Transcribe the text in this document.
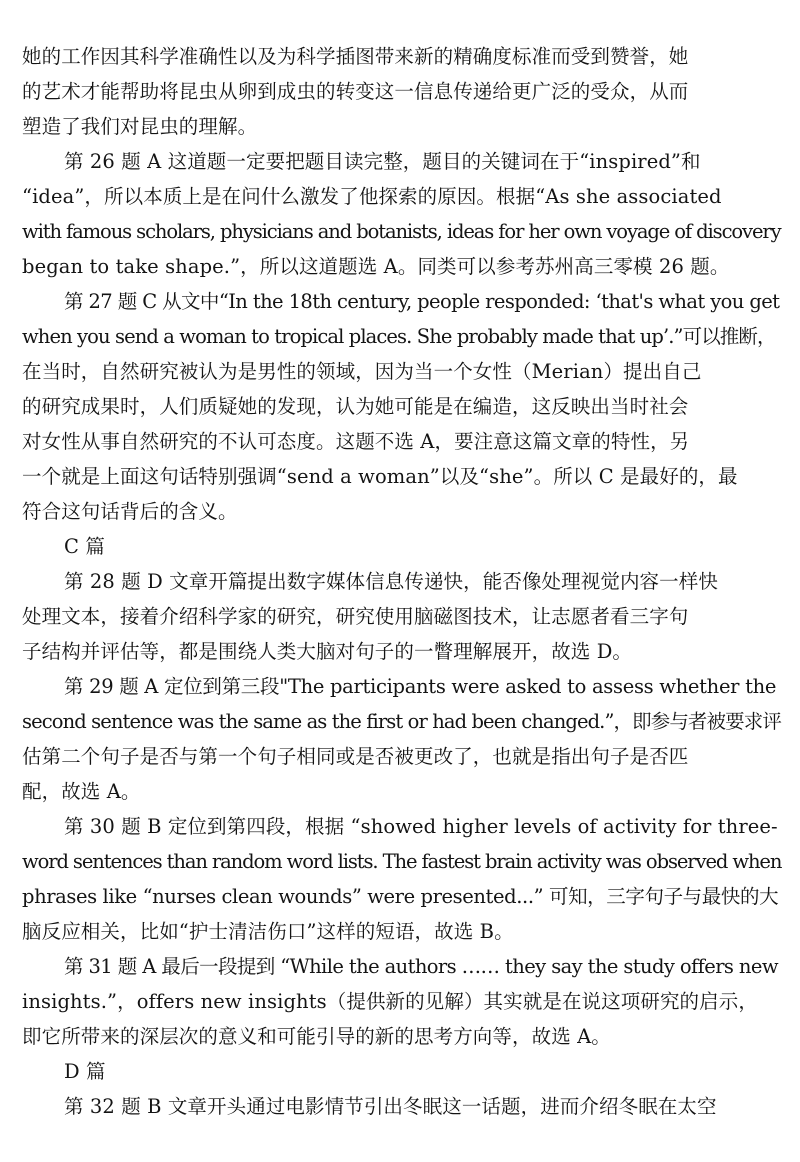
她的工作因其科学准确性以及为科学插图带来新的精确度标准而受到赞誉，她
的艺术才能帮助将昆虫从卵到成虫的转变这一信息传递给更广泛的受众，从而
塑造了我们对昆虫的理解。
第 26 题 A 这道题一定要把题目读完整，题目的关键词在于“inspired”和
“idea”，所以本质上是在问什么激发了他探索的原因。根据“As she associated
with famous scholars, physicians and botanists, ideas for her own voyage of discovery
began to take shape.”，所以这道题选 A。同类可以参考苏州高三零模 26 题。
第 27 题 C 从文中“In the 18th century, people responded: ‘that's what you get
when you send a woman to tropical places. She probably made that up’.”可以推断，
在当时，自然研究被认为是男性的领域，因为当一个女性（Merian）提出自己
的研究成果时，人们质疑她的发现，认为她可能是在编造，这反映出当时社会
对女性从事自然研究的不认可态度。这题不选 A，要注意这篇文章的特性，另
一个就是上面这句话特别强调“send a woman”以及“she”。所以 C 是最好的，最
符合这句话背后的含义。
C 篇
第 28 题 D 文章开篇提出数字媒体信息传递快，能否像处理视觉内容一样快
处理文本，接着介绍科学家的研究，研究使用脑磁图技术，让志愿者看三字句
子结构并评估等，都是围绕人类大脑对句子的一瞥理解展开，故选 D。
第 29 题 A 定位到第三段"The participants were asked to assess whether the
second sentence was the same as the first or had been changed.”，即参与者被要求评
估第二个句子是否与第一个句子相同或是否被更改了，也就是指出句子是否匹
配，故选 A。
第 30 题 B 定位到第四段，根据 “showed higher levels of activity for three-
word sentences than random word lists. The fastest brain activity was observed when
phrases like “nurses clean wounds” were presented...” 可知，三字句子与最快的大
脑反应相关，比如“护士清洁伤口”这样的短语，故选 B。
第 31 题 A 最后一段提到 “While the authors …… they say the study offers new
insights.”，offers new insights（提供新的见解）其实就是在说这项研究的启示，
即它所带来的深层次的意义和可能引导的新的思考方向等，故选 A。
D 篇
第 32 题 B 文章开头通过电影情节引出冬眠这一话题，进而介绍冬眠在太空
